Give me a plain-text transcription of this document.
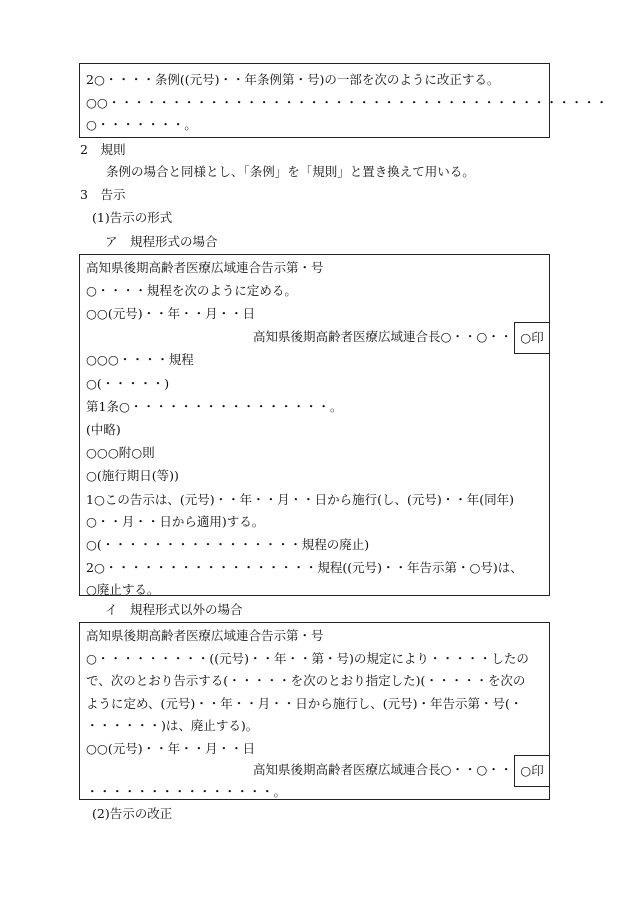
2○・・・・条例((元号)・・年条例第・号)の一部を次のように改正する。
○○・・・・・・・・・・・・・・・・・・・・・・・・・・・・・・・・・・・・・・・・
○・・・・・・・。
2　規則
条例の場合と同様とし、「条例」を「規則」と置き換えて用いる。
3　告示
(1)告示の形式
ア　規程形式の場合
高知県後期高齢者医療広域連合告示第・号
○・・・・規程を次のように定める。
○○(元号)・・年・・月・・日
高知県後期高齢者医療広域連合長○・・○・・ ○印
○○○・・・・規程
○(・・・・・)
第1条○・・・・・・・・・・・・・・・・。
(中略)
○○○附○則
○(施行期日(等))
1○この告示は、(元号)・・年・・月・・日から施行(し、(元号)・・年(同年)
○・・月・・日から適用)する。
○(・・・・・・・・・・・・・・・・規程の廃止)
2○・・・・・・・・・・・・・・・・・規程((元号)・・年告示第・○号)は、
○廃止する。
イ　規程形式以外の場合
高知県後期高齢者医療広域連合告示第・号
○・・・・・・・・・((元号)・・年・・第・号)の規定により・・・・・したの
で、次のとおり告示する(・・・・・を次のとおり指定した)(・・・・・を次の
ように定め、(元号)・・年・・月・・日から施行し、(元号)・年告示第・号(・
・・・・・・)は、廃止する)。
○○(元号)・・年・・月・・日
高知県後期高齢者医療広域連合長○・・○・・ ○印
・・・・・・・・・・・・・・・。
(2)告示の改正
